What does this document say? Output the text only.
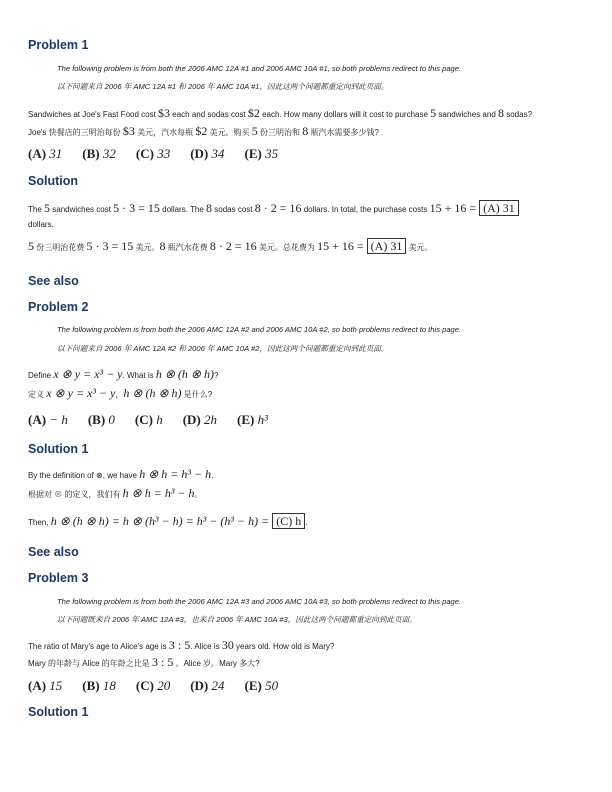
Problem 1
The following problem is from both the 2006 AMC 12A #1 and 2006 AMC 10A #1, so both problems redirect to this page.
以下问题来自 2006 年 AMC 12A #1 和 2006 年 AMC 10A #1，因此这两个问题都重定向到此页面。
Sandwiches at Joe's Fast Food cost $3 each and sodas cost $2 each. How many dollars will it cost to purchase 5 sandwiches and 8 sodas?
Joe's 快餐店的三明治每份 $3 美元，汽水每瓶 $2 美元。购买 5 份三明治和 8 瓶汽水需要多少钱?
(A) 31 (B) 32 (C) 33 (D) 34 (E) 35
Solution
The 5 sandwiches cost 5 · 3 = 15 dollars. The 8 sodas cost 8 · 2 = 16 dollars. In total, the purchase costs 15 + 16 = (A) 31
dollars.
5 份三明治花费 5 · 3 = 15 美元。8 瓶汽水花费 8 · 2 = 16 美元。总花费为 15 + 16 = (A) 31 美元。
See also
Problem 2
The following problem is from both the 2006 AMC 12A #2 and 2006 AMC 10A #2, so both problems redirect to this page.
以下问题来自 2006 年 AMC 12A #2 和 2006 年 AMC 10A #2，因此这两个问题都重定向到此页面。
Define x ⊗ y = x³ − y. What is h ⊗ (h ⊗ h)?
定义 x ⊗ y = x³ − y，h ⊗ (h ⊗ h) 是什么?
(A) − h (B) 0 (C) h (D) 2h (E) h³
Solution 1
By the definition of ⊗, we have h ⊗ h = h³ − h.
根据对 ⊗ 的定义，我们有 h ⊗ h = h³ − h。
Then, h ⊗ (h ⊗ h) = h ⊗ (h³ − h) = h³ − (h³ − h) = (C) h .
See also
Problem 3
The following problem is from both the 2006 AMC 12A #3 and 2006 AMC 10A #3, so both problems redirect to this page.
以下问题既来自 2006 年 AMC 12A #3，也来自 2006 年 AMC 10A #3，因此这两个问题都重定向到此页面。
The ratio of Mary's age to Alice's age is 3 : 5. Alice is 30 years old. How old is Mary?
Mary 的年龄与 Alice 的年龄之比是 3 : 5 。Alice 岁。Mary 多大?
(A) 15 (B) 18 (C) 20 (D) 24 (E) 50
Solution 1
